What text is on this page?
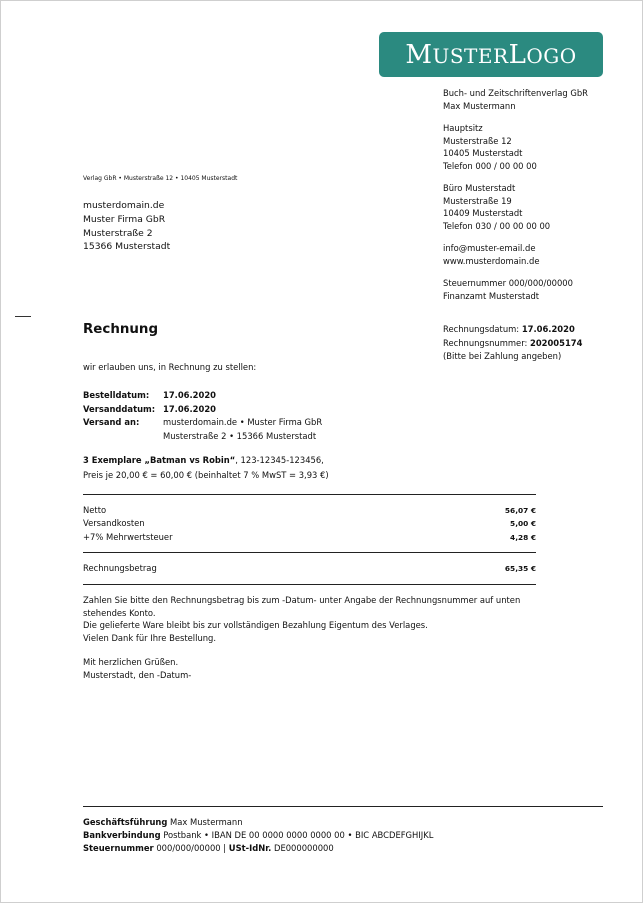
MUSTERLOGO
Buch- und Zeitschriftenverlag GbR
Max Mustermann
Hauptsitz
Musterstraße 12
10405 Musterstadt
Telefon 000 / 00 00 00
Büro Musterstadt
Musterstraße 19
10409 Musterstadt
Telefon 030 / 00 00 00 00
info@muster-email.de
www.musterdomain.de
Steuernummer 000/000/00000
Finanzamt Musterstadt
Verlag GbR • Musterstraße 12 • 10405 Musterstadt
musterdomain.de
Muster Firma GbR
Musterstraße 2
15366 Musterstadt
Rechnung	Rechnungsdatum: 17.06.2020
Rechnungsnummer: 202005174
(Bitte bei Zahlung angeben)
wir erlauben uns, in Rechnung zu stellen:
Bestelldatum:	17.06.2020
Versanddatum: 17.06.2020
Versand an:	musterdomain.de • Muster Firma GbR
Musterstraße 2 • 15366 Musterstadt
3 Exemplare „Batman vs Robin“, 123-12345-123456,
Preis je 20,00 € = 60,00 € (beinhaltet 7 % MwST = 3,93 €)
Netto	56,07 €
Versandkosten	5,00 €
+7% Mehrwertsteuer	4,28 €
Rechnungsbetrag	65,35 €
Zahlen Sie bitte den Rechnungsbetrag bis zum -Datum- unter Angabe der Rechnungsnummer auf unten stehendes Konto.
Die gelieferte Ware bleibt bis zur vollständigen Bezahlung Eigentum des Verlages.
Vielen Dank für Ihre Bestellung.
Mit herzlichen Grüßen.
Musterstadt, den -Datum-
Geschäftsführung Max Mustermann
Bankverbindung Postbank • IBAN DE 00 0000 0000 0000 00 • BIC ABCDEFGHIJKL
Steuernummer 000/000/00000 | USt-IdNr. DE000000000
